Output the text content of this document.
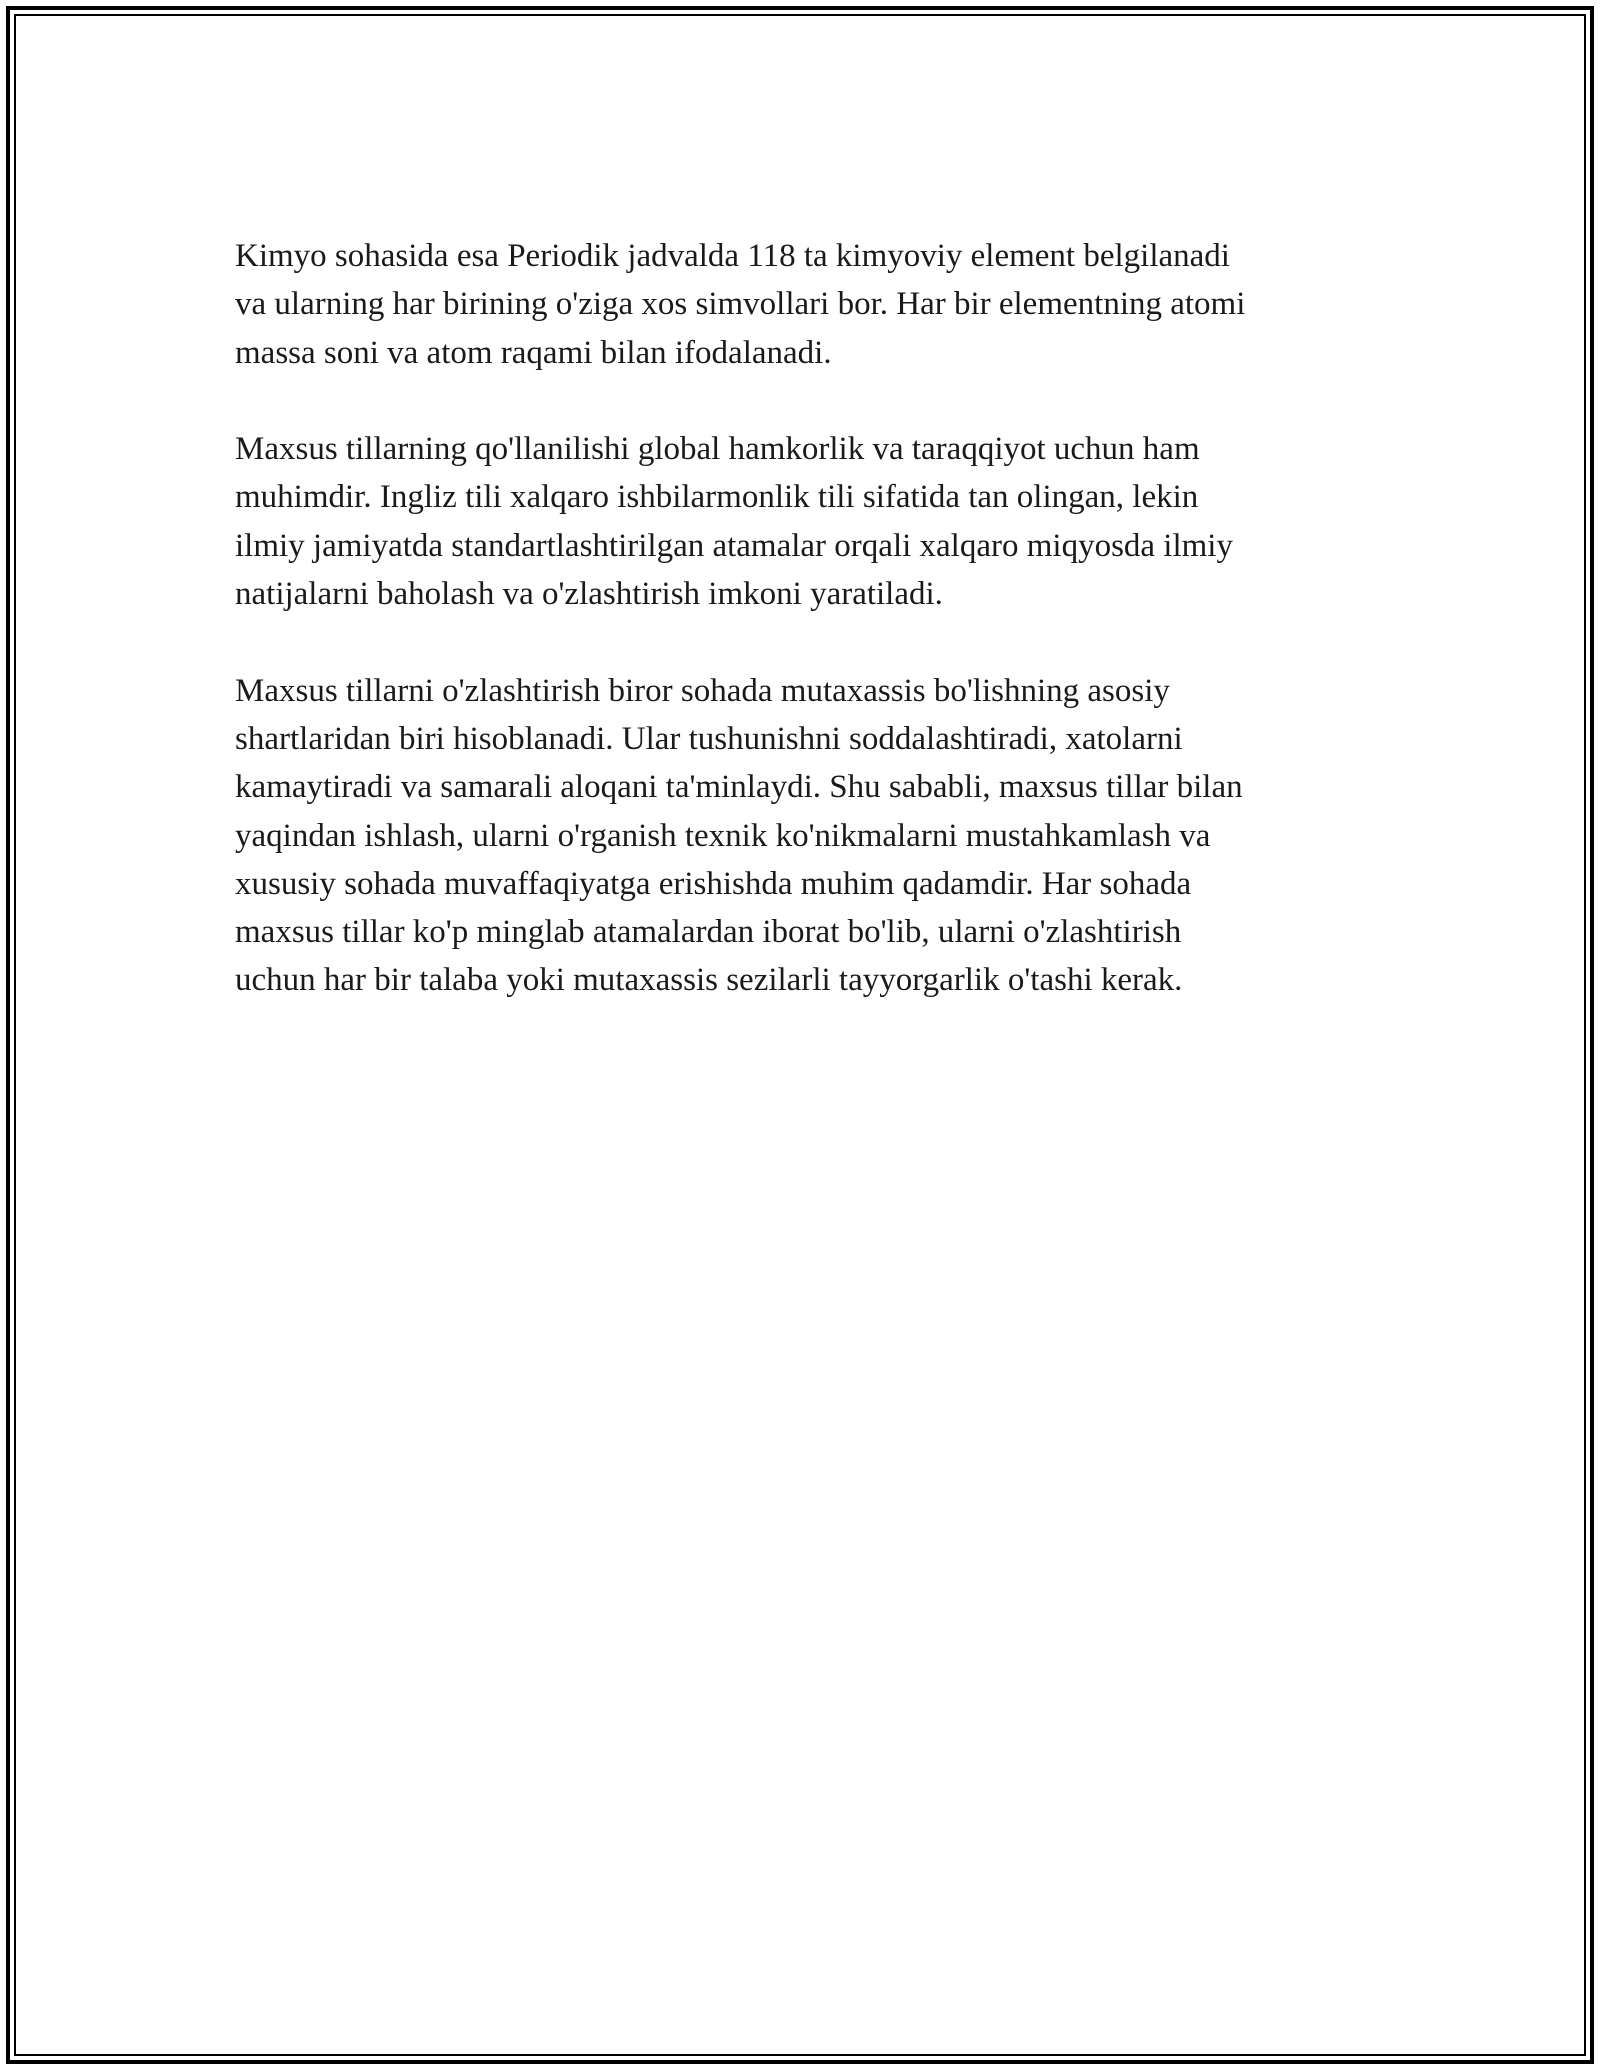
Kimyo sohasida esa Periodik jadvalda 118 ta kimyoviy element belgilanadi
va ularning har birining o'ziga xos simvollari bor. Har bir elementning atomi
massa soni va atom raqami bilan ifodalanadi.

Maxsus tillarning qo'llanilishi global hamkorlik va taraqqiyot uchun ham
muhimdir. Ingliz tili xalqaro ishbilarmonlik tili sifatida tan olingan, lekin
ilmiy jamiyatda standartlashtirilgan atamalar orqali xalqaro miqyosda ilmiy
natijalarni baholash va o'zlashtirish imkoni yaratiladi.

Maxsus tillarni o'zlashtirish biror sohada mutaxassis bo'lishning asosiy
shartlaridan biri hisoblanadi. Ular tushunishni soddalashtiradi, xatolarni
kamaytiradi va samarali aloqani ta'minlaydi. Shu sababli, maxsus tillar bilan
yaqindan ishlash, ularni o'rganish texnik ko'nikmalarni mustahkamlash va
xususiy sohada muvaffaqiyatga erishishda muhim qadamdir. Har sohada
maxsus tillar ko'p minglab atamalardan iborat bo'lib, ularni o'zlashtirish
uchun har bir talaba yoki mutaxassis sezilarli tayyorgarlik o'tashi kerak.
